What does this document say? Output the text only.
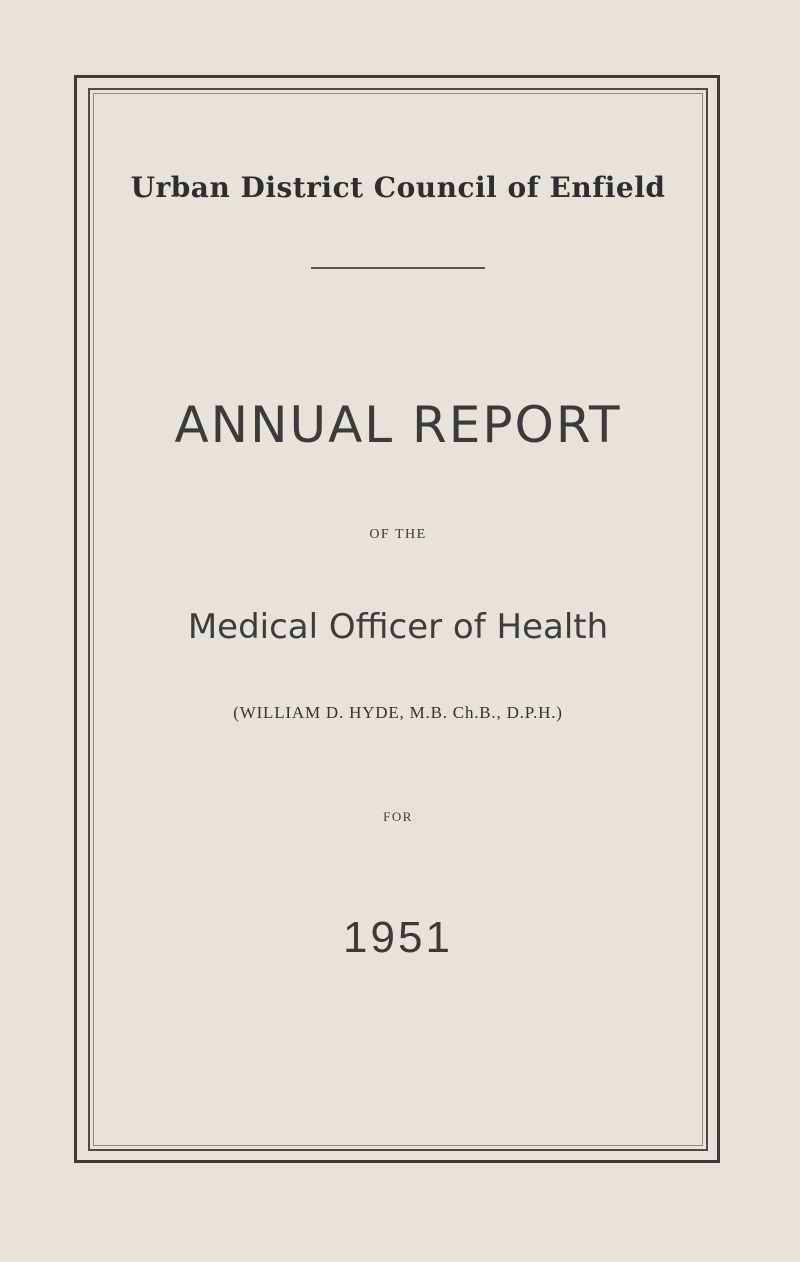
Urban District Council of Enfield
ANNUAL REPORT
OF THE
Medical Officer of Health
(WILLIAM D. HYDE, M.B. Ch.B., D.P.H.)
FOR
1951
